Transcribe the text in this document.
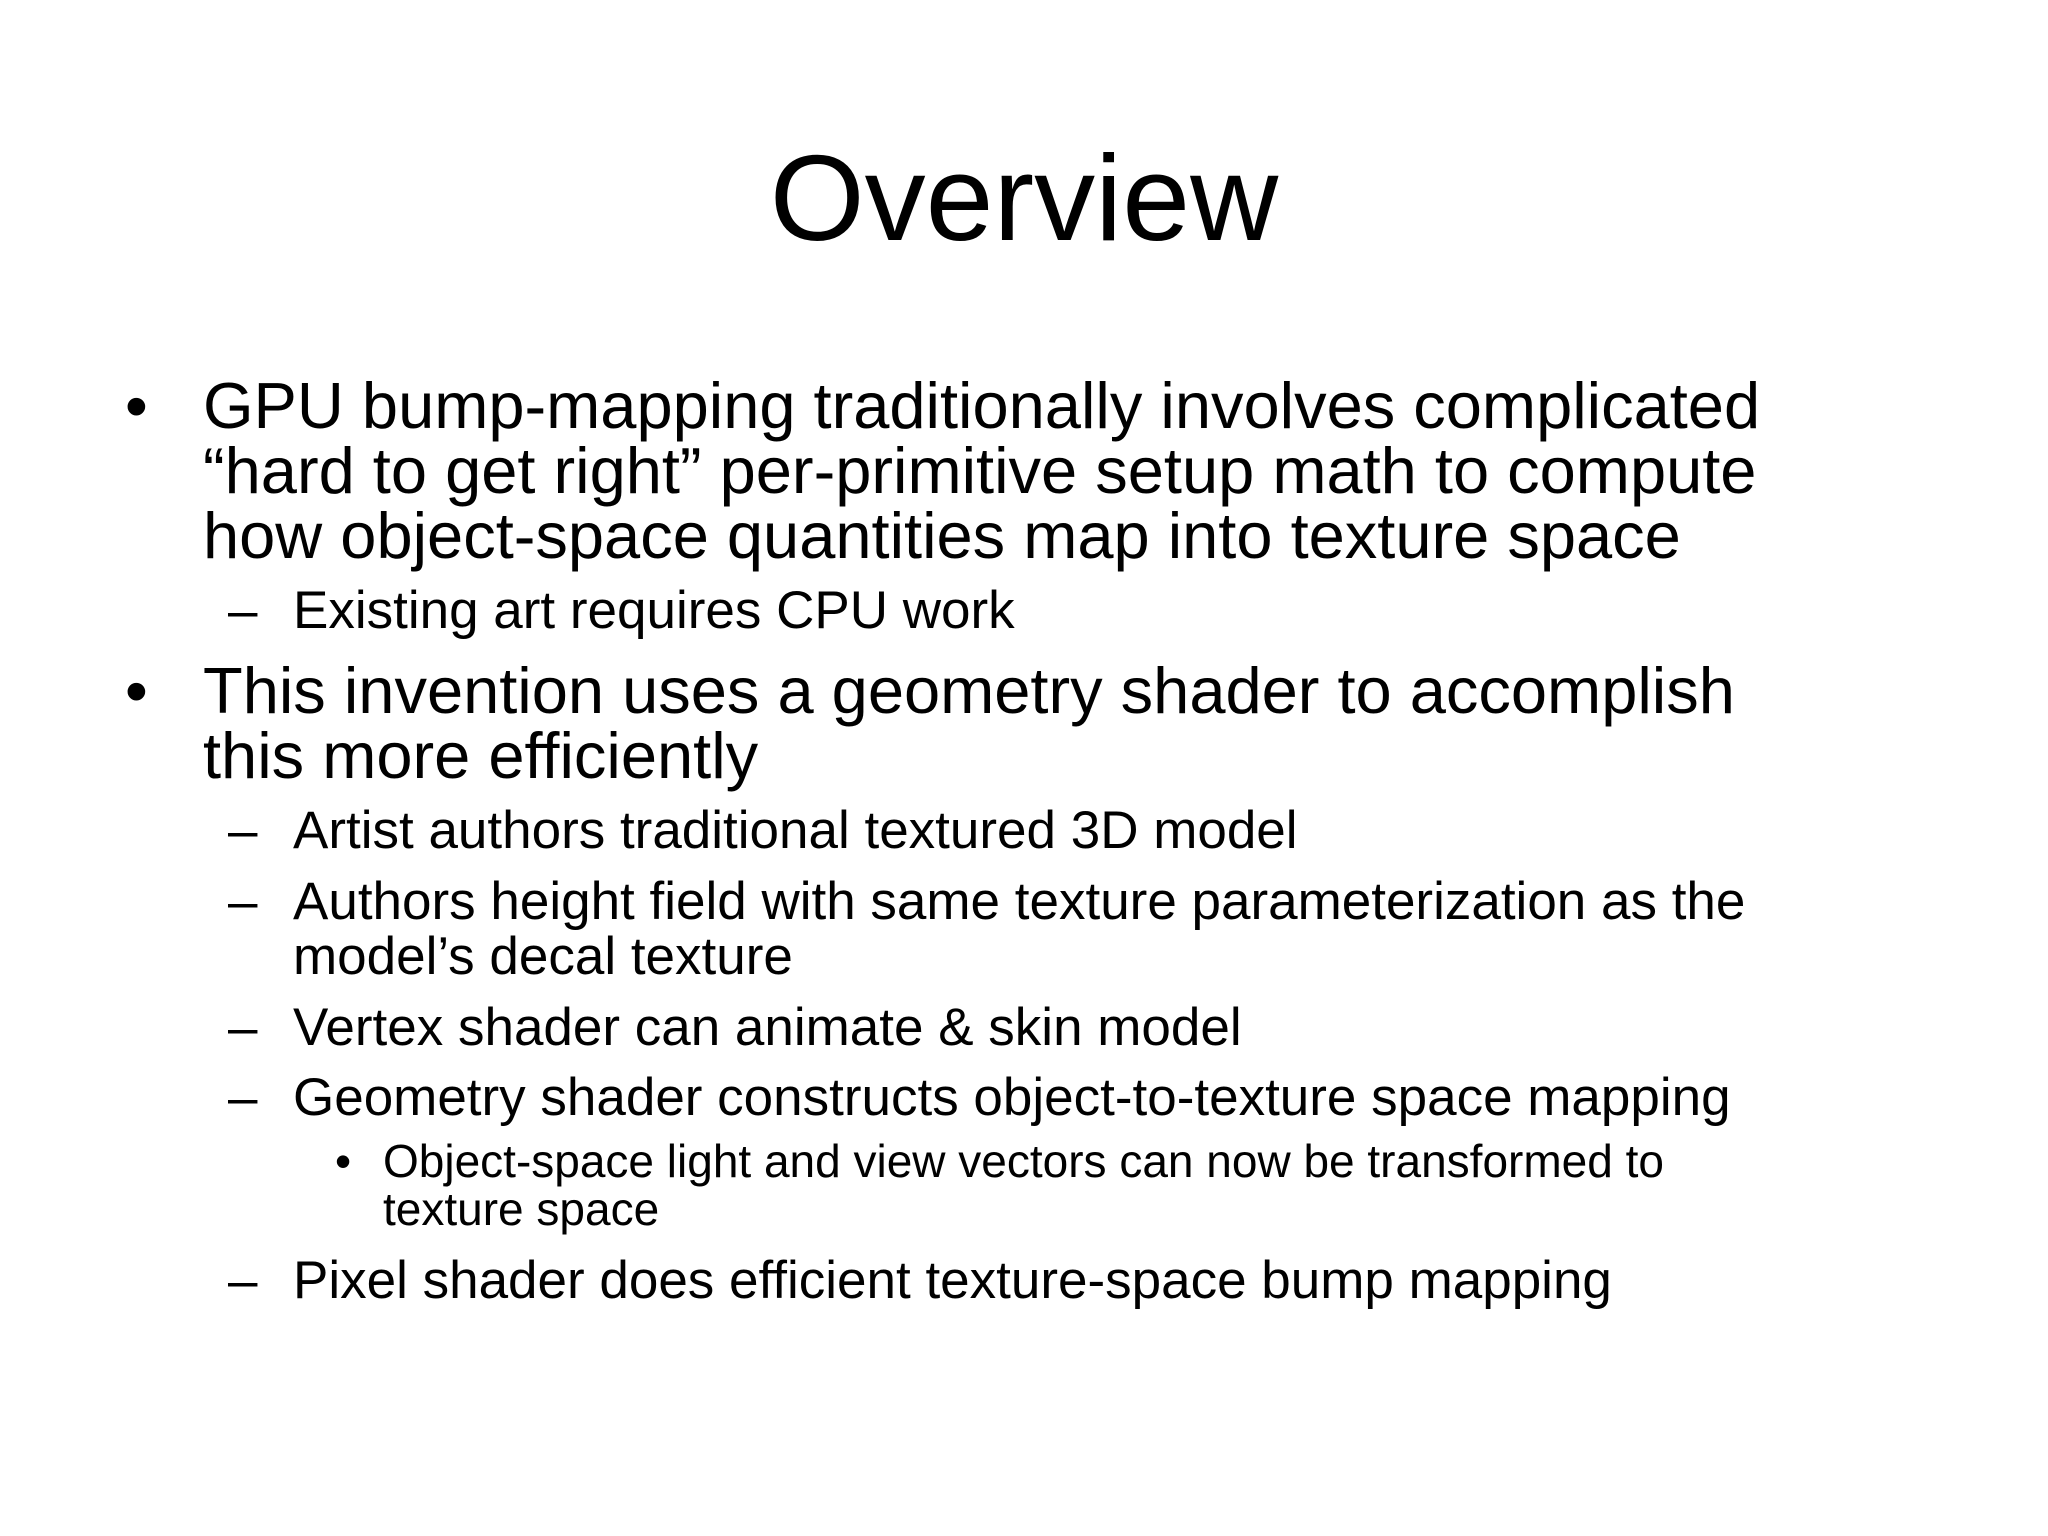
Overview
• GPU bump-mapping traditionally involves complicated
“hard to get right” per-primitive setup math to compute
how object-space quantities map into texture space
– Existing art requires CPU work
• This invention uses a geometry shader to accomplish
this more efficiently
– Artist authors traditional textured 3D model
– Authors height field with same texture parameterization as the
model’s decal texture
– Vertex shader can animate & skin model
– Geometry shader constructs object-to-texture space mapping
• Object-space light and view vectors can now be transformed to
texture space
– Pixel shader does efficient texture-space bump mapping
